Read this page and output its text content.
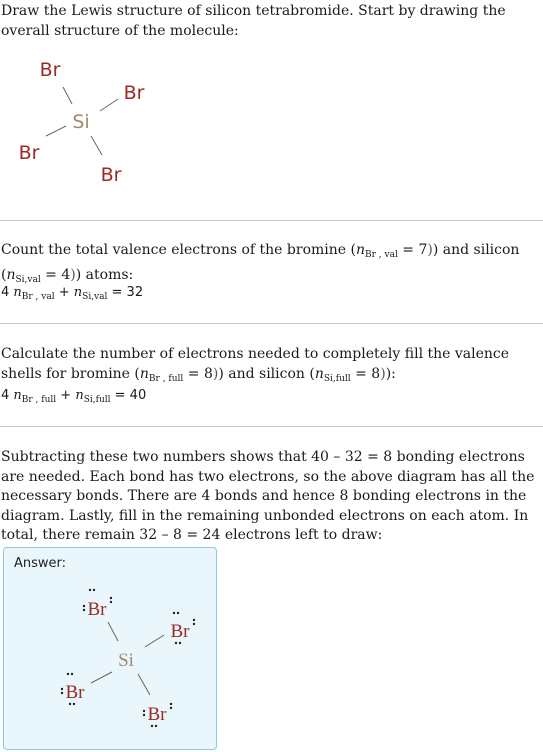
Draw the Lewis structure of silicon tetrabromide. Start by drawing the overall structure of the molecule:
Si
Br
Br
Br
Br
Count the total valence electrons of the bromine $(n_{Br , val} = 7)$) and silicon $(n_{Si,val} = 4)$) atoms:
4 $n_{Br , val} + n_{Si,val} = 32$
Calculate the number of electrons needed to completely fill the valence shells for bromine $(n_{Br , full} = 8)$) and silicon $(n_{Si,full} = 8)$):
4 $n_{Br , full} + n_{Si,full} = 40$
Subtracting these two numbers shows that 40 – 32 = 8 bonding electrons are needed. Each bond has two electrons, so the above diagram has all the necessary bonds. There are 4 bonds and hence 8 bonding electrons in the diagram. Lastly, fill in the remaining unbonded electrons on each atom. In total, there remain 32 – 8 = 24 electrons left to draw:
Answer:
Si
Br
Br
Br
Br
